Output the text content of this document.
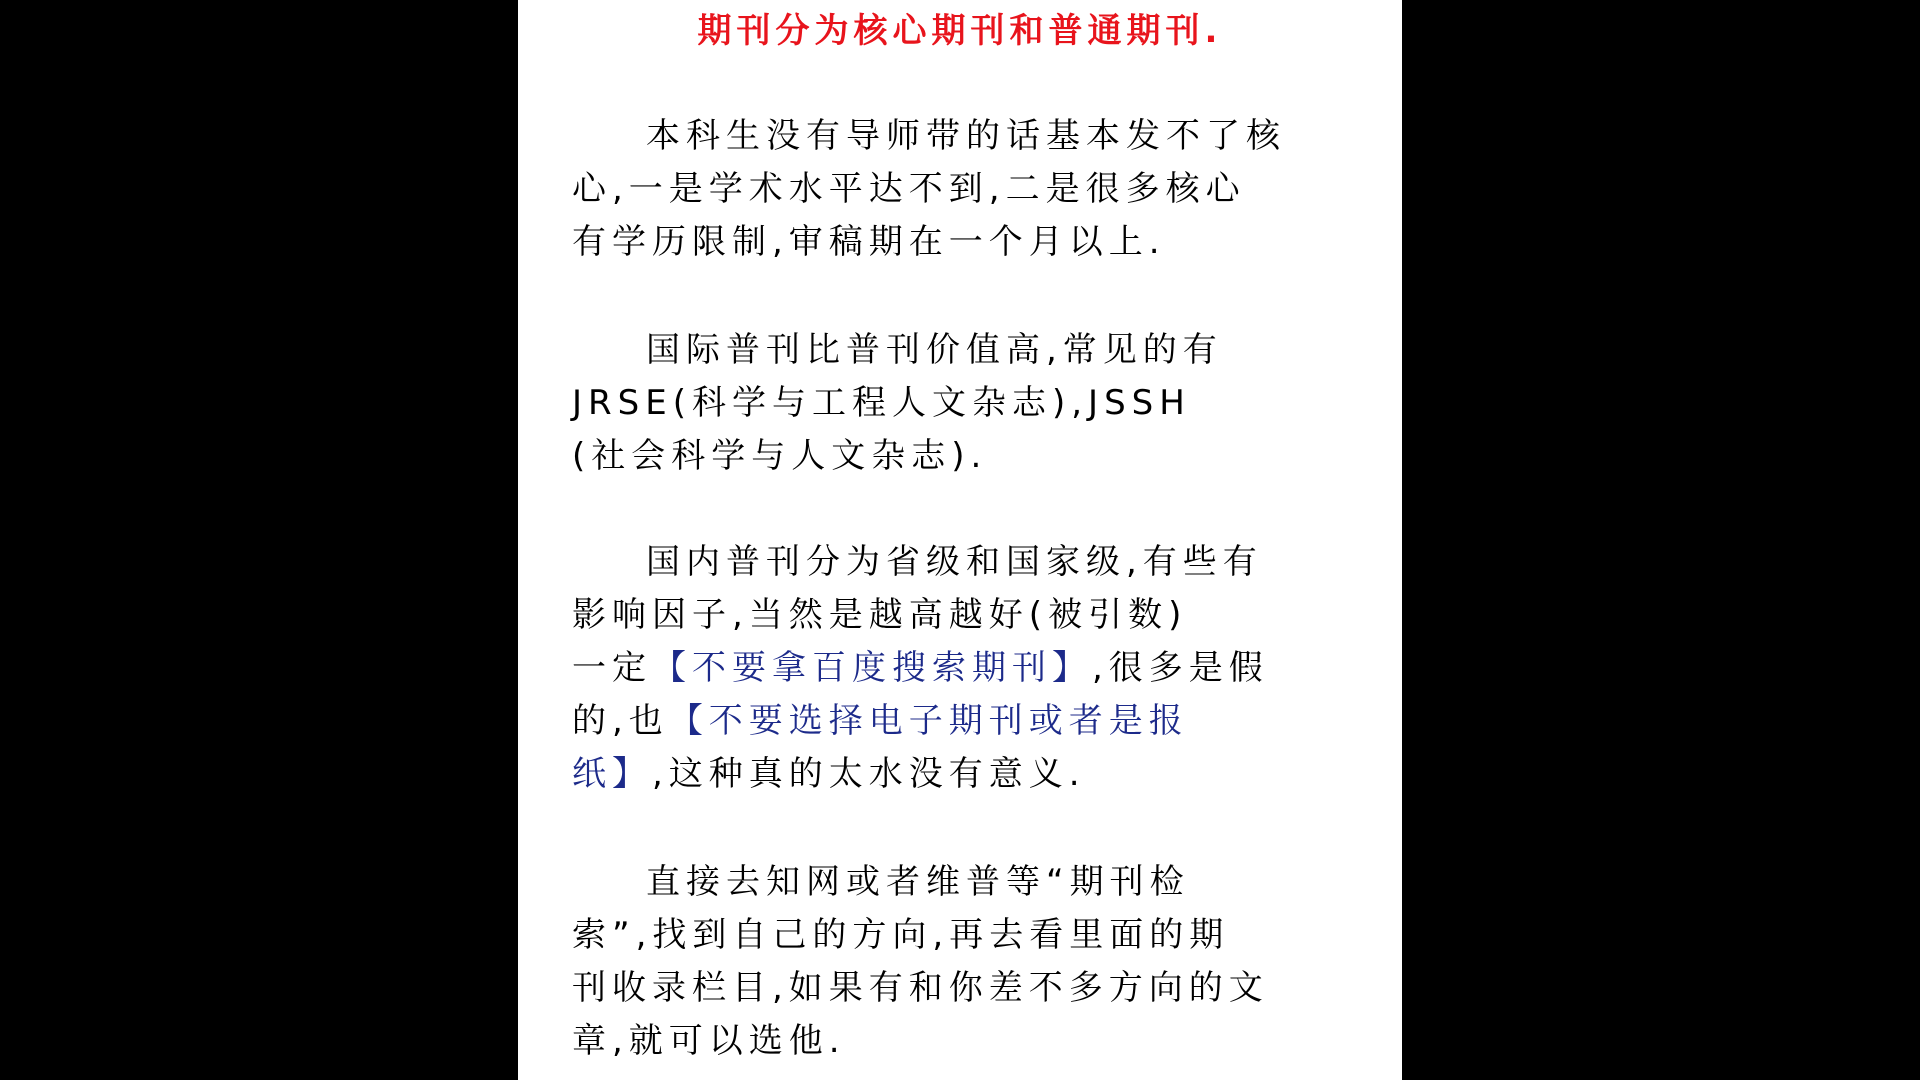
期刊分为核心期刊和普通期刊.
本科生没有导师带的话基本发不了核
心,一是学术水平达不到,二是很多核心
有学历限制,审稿期在一个月以上.
国际普刊比普刊价值高,常见的有
JRSE(科学与工程人文杂志),JSSH
(社会科学与人文杂志).
国内普刊分为省级和国家级,有些有
影响因子,当然是越高越好(被引数)
一定【不要拿百度搜索期刊】,很多是假
的,也【不要选择电子期刊或者是报
纸】,这种真的太水没有意义.
直接去知网或者维普等“期刊检
索”,找到自己的方向,再去看里面的期
刊收录栏目,如果有和你差不多方向的文
章,就可以选他.
